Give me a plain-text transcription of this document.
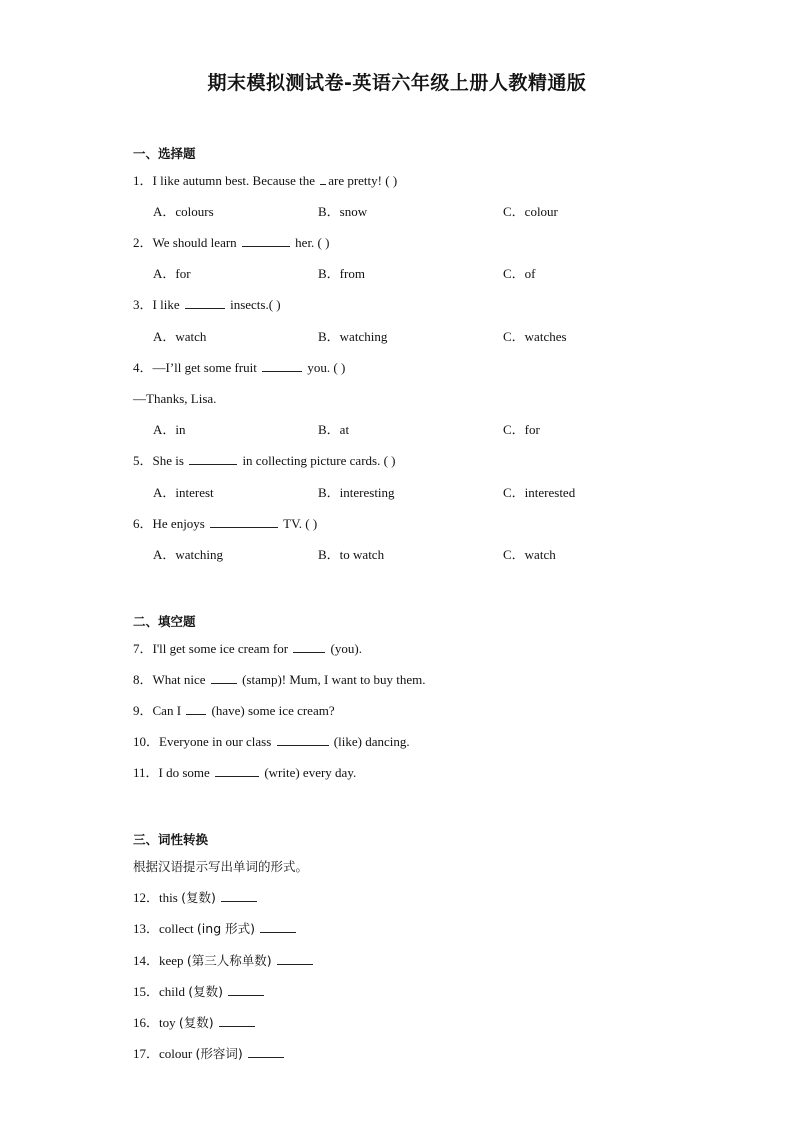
期末模拟测试卷-英语六年级上册人教精通版
一、选择题
1．I like autumn best. Because the are pretty! ( )
A．colours	B．snow	C．colour
2．We should learn	her. ( )
A．for	B．from	C．of
3．I like	insects.( )
A．watch	B．watching	C．watches
4．—I’ll get some fruit	you. ( )
—Thanks, Lisa.
A．in	B．at	C．for
5．She is	in collecting picture cards. ( )
A．interest	B．interesting	C．interested
6．He enjoys	TV. ( )
A．watching	B．to watch	C．watch
二、填空题
7．I'll get some ice cream for	(you).
8．What nice	(stamp)! Mum, I want to buy them.
9．Can I (have) some ice cream?
10．Everyone in our class	(like) dancing.
11．I do some	(write) every day.
三、词性转换
根据汉语提示写出单词的形式。
12．this (复数)
13．collect (ing 形式)
14．keep (第三人称单数)
15．child (复数)
16．toy (复数)
17．colour (形容词)
